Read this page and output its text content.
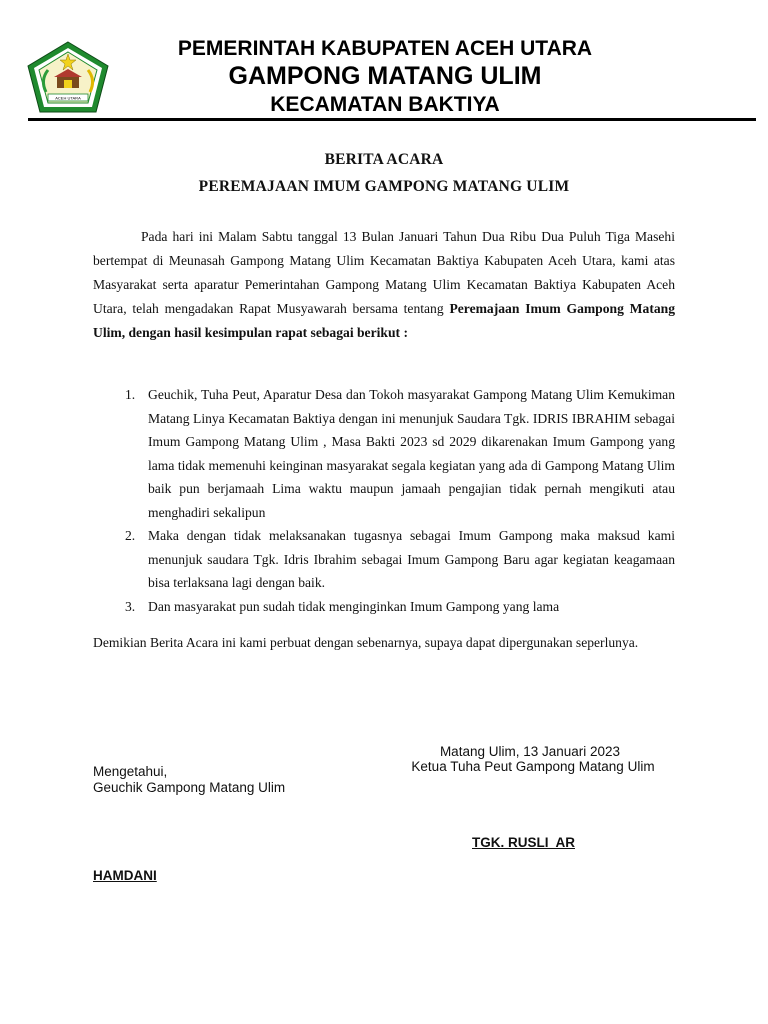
ACEH UTARA
PEMERINTAH KABUPATEN ACEH UTARA
GAMPONG MATANG ULIM
KECAMATAN BAKTIYA
BERITA ACARA
PEREMAJAAN IMUM GAMPONG MATANG ULIM
Pada hari ini Malam Sabtu tanggal 13 Bulan Januari Tahun Dua Ribu Dua Puluh Tiga Masehi bertempat di Meunasah Gampong Matang Ulim Kecamatan Baktiya Kabupaten Aceh Utara, kami atas Masyarakat serta aparatur Pemerintahan Gampong Matang Ulim Kecamatan Baktiya Kabupaten Aceh Utara, telah mengadakan Rapat Musyawarah bersama tentang Peremajaan Imum Gampong Matang Ulim, dengan hasil kesimpulan rapat sebagai berikut :
1. Geuchik, Tuha Peut, Aparatur Desa dan Tokoh masyarakat Gampong Matang Ulim Kemukiman Matang Linya Kecamatan Baktiya dengan ini menunjuk Saudara Tgk. IDRIS IBRAHIM sebagai Imum Gampong Matang Ulim , Masa Bakti 2023 sd 2029 dikarenakan Imum Gampong yang lama tidak memenuhi keinginan masyarakat segala kegiatan yang ada di Gampong Matang Ulim baik pun berjamaah Lima waktu maupun jamaah pengajian tidak pernah mengikuti atau menghadiri sekalipun
2. Maka dengan tidak melaksanakan tugasnya sebagai Imum Gampong maka maksud kami menunjuk saudara Tgk. Idris Ibrahim sebagai Imum Gampong Baru agar kegiatan keagamaan bisa terlaksana lagi dengan baik.
3. Dan masyarakat pun sudah tidak menginginkan Imum Gampong yang lama
Demikian Berita Acara ini kami perbuat dengan sebenarnya, supaya dapat dipergunakan seperlunya.
Matang Ulim, 13 Januari 2023
Ketua Tuha Peut Gampong Matang Ulim
Mengetahui,
Geuchik Gampong Matang Ulim
TGK. RUSLI  AR
HAMDANI
